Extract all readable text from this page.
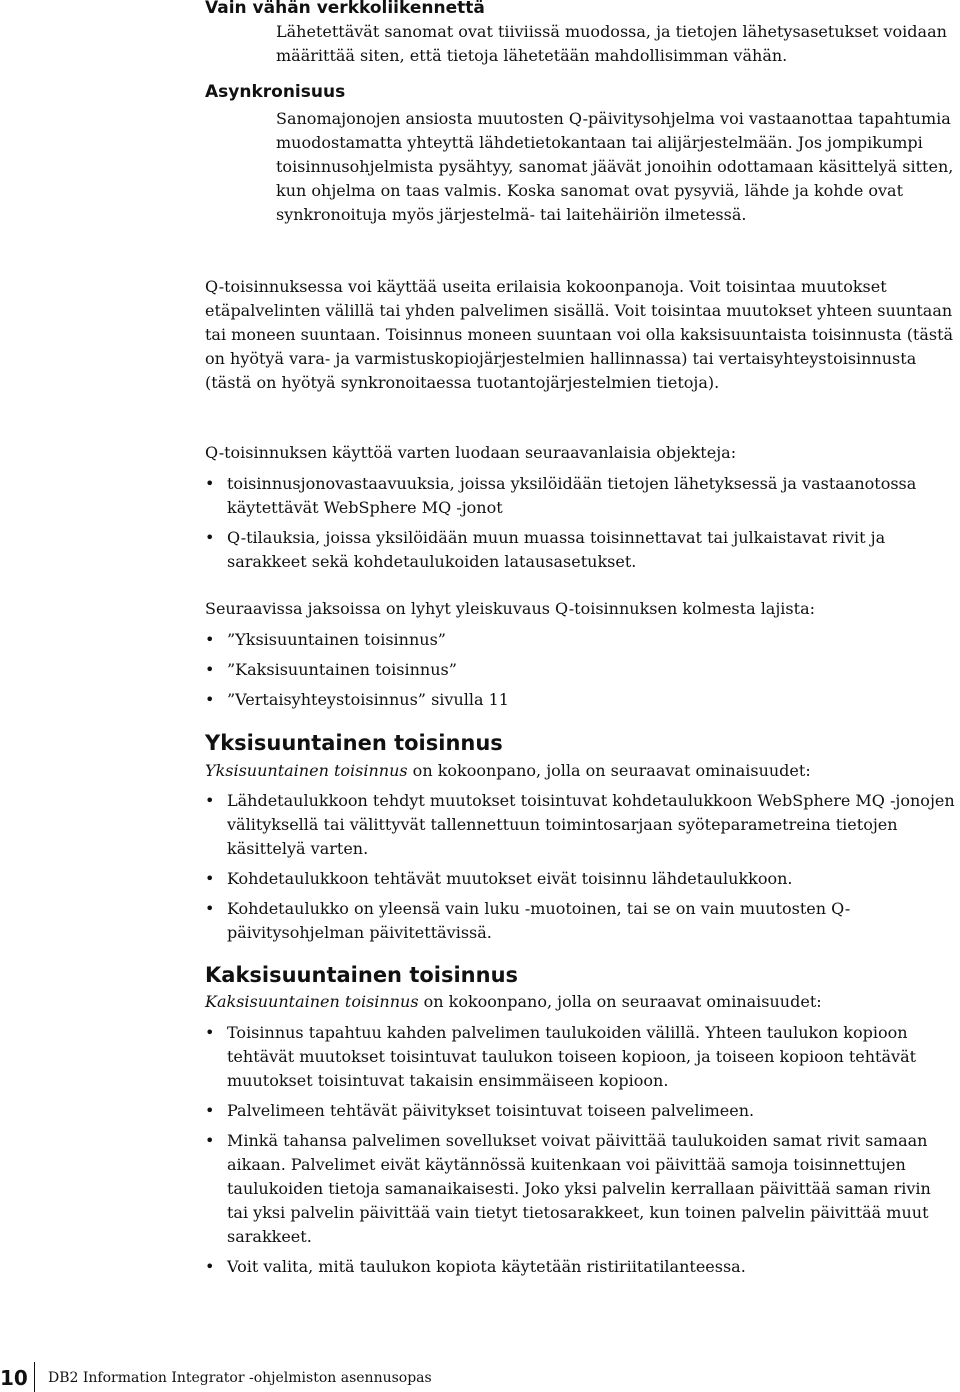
Vain vähän verkkoliikennettä

Lähetettävät sanomat ovat tiiviissä muodossa, ja tietojen lähetysasetukset voidaan määrittää siten, että tietoja lähetetään mahdollisimman vähän.

Asynkronisuus

Sanomajonojen ansiosta muutosten Q-päivitysohjelma voi vastaanottaa tapahtumia muodostamatta yhteyttä lähdetietokantaan tai alijärjestelmään. Jos jompikumpi toisinnusohjelmista pysähtyy, sanomat jäävät jonoihin odottamaan käsittelyä sitten, kun ohjelma on taas valmis. Koska sanomat ovat pysyviä, lähde ja kohde ovat synkronoituja myös järjestelmä- tai laitehäiriön ilmetessä.

Q-toisinnuksessa voi käyttää useita erilaisia kokoonpanoja. Voit toisintaa muutokset etäpalvelinten välillä tai yhden palvelimen sisällä. Voit toisintaa muutokset yhteen suuntaan tai moneen suuntaan. Toisinnus moneen suuntaan voi olla kaksisuuntaista toisinnusta (tästä on hyötyä vara- ja varmistuskopiojärjestelmien hallinnassa) tai vertaisyhteystoisinnusta (tästä on hyötyä synkronoitaessa tuotantojärjestelmien tietoja).

Q-toisinnuksen käyttöä varten luodaan seuraavanlaisia objekteja:

• toisinnusjonovastaavuuksia, joissa yksilöidään tietojen lähetyksessä ja vastaanotossa käytettävät WebSphere MQ -jonot
• Q-tilauksia, joissa yksilöidään muun muassa toisinnettavat tai julkaistavat rivit ja sarakkeet sekä kohdetaulukoiden latausasetukset.

Seuraavissa jaksoissa on lyhyt yleiskuvaus Q-toisinnuksen kolmesta lajista:

• ”Yksisuuntainen toisinnus”
• ”Kaksisuuntainen toisinnus”
• ”Vertaisyhteystoisinnus” sivulla 11
Yksisuuntainen toisinnus

Yksisuuntainen toisinnus on kokoonpano, jolla on seuraavat ominaisuudet:

• Lähdetaulukkoon tehdyt muutokset toisintuvat kohdetaulukkoon WebSphere MQ -jonojen välityksellä tai välittyvät tallennettuun toimintosarjaan syöteparametreina tietojen käsittelyä varten.
• Kohdetaulukkoon tehtävät muutokset eivät toisinnu lähdetaulukkoon.
• Kohdetaulukko on yleensä vain luku -muotoinen, tai se on vain muutosten Q-päivitysohjelman päivitettävissä.
Kaksisuuntainen toisinnus

Kaksisuuntainen toisinnus on kokoonpano, jolla on seuraavat ominaisuudet:

• Toisinnus tapahtuu kahden palvelimen taulukoiden välillä. Yhteen taulukon kopioon tehtävät muutokset toisintuvat taulukon toiseen kopioon, ja toiseen kopioon tehtävät muutokset toisintuvat takaisin ensimmäiseen kopioon.
• Palvelimeen tehtävät päivitykset toisintuvat toiseen palvelimeen.
• Minkä tahansa palvelimen sovellukset voivat päivittää taulukoiden samat rivit samaan aikaan. Palvelimet eivät käytännössä kuitenkaan voi päivittää samoja toisinnettujen taulukoiden tietoja samanaikaisesti. Joko yksi palvelin kerrallaan päivittää saman rivin tai yksi palvelin päivittää vain tietyt tietosarakkeet, kun toinen palvelin päivittää muut sarakkeet.
• Voit valita, mitä taulukon kopiota käytetään ristiriitatilanteessa.
10 DB2 Information Integrator -ohjelmiston asennusopas
